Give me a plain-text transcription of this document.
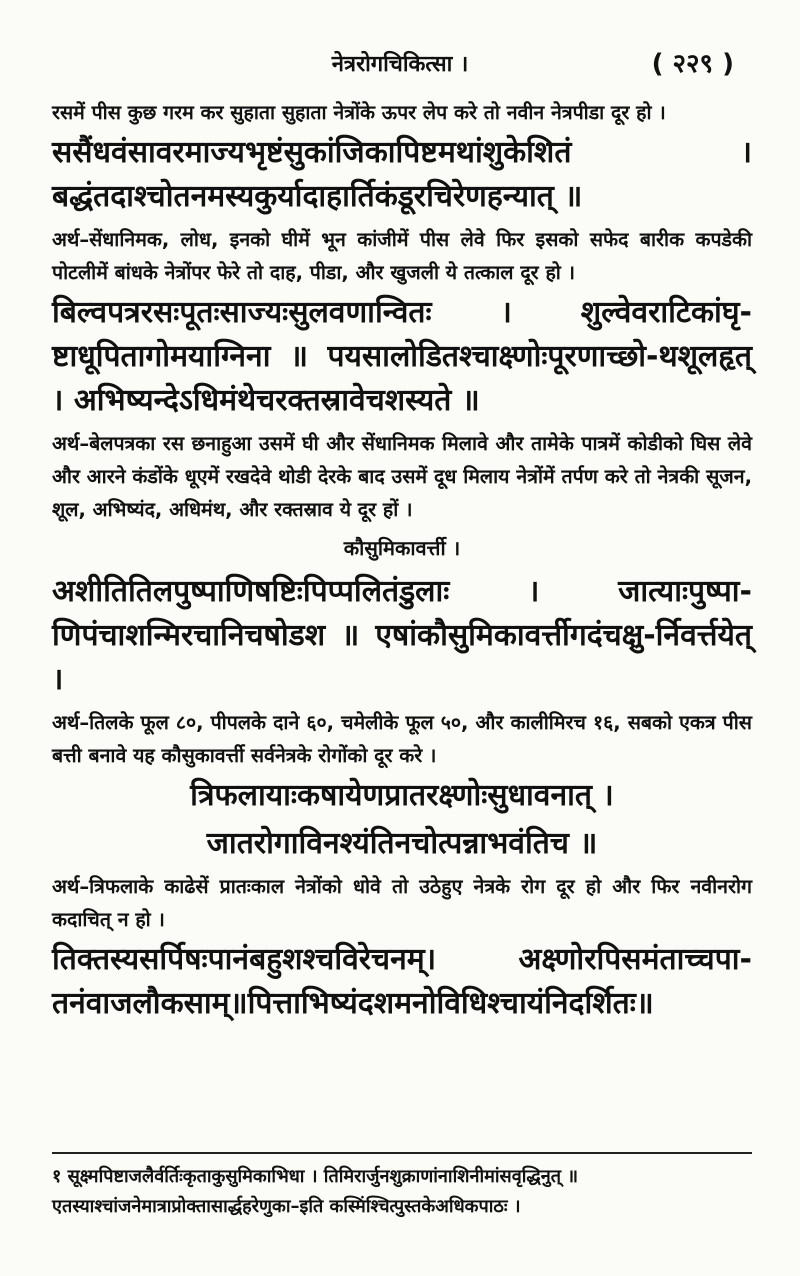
नेत्ररोगचिकित्सा ।	( २२९ )
रसमें पीस कुछ गरम कर सुहाता सुहाता नेत्रोंके ऊपर लेप करे तो नवीन नेत्रपीडा दूर हो ।
ससैंधवंसावरमाज्यभृष्टंसुकांजिकापिष्टमथांशुकेशितं । बद्धंतदाश्चोतनमस्यकुर्यादाहार्तिकंडूरचिरेणहन्यात् ॥
अर्थ–सेंधानिमक, लोध, इनको घीमें भून कांजीमें पीस लेवे फिर इसको सफेद बारीक कपडेकी पोटलीमें बांधके नेत्रोंपर फेरे तो दाह, पीडा, और खुजली ये तत्काल दूर हो ।
बिल्वपत्ररसःपूतःसाज्यःसुलवणान्वितः । शुल्वेवराटिकांघृ-ष्टाधूपितागोमयाग्निना ॥ पयसालोडितश्चाक्ष्णोःपूरणाच्छो-थशूलहृत् । अभिष्यन्देऽधिमंथेचरक्तस्रावेचशस्यते ॥
अर्थ–बेलपत्रका रस छनाहुआ उसमें घी और सेंधानिमक मिलावे और तामेके पात्रमें कोडीको घिस लेवे और आरने कंडोंके धूएमें रखदेवे थोडी देरके बाद उसमें दूध मिलाय नेत्रोंमें तर्पण करे तो नेत्रकी सूजन, शूल, अभिष्यंद, अधिमंथ, और रक्तस्राव ये दूर हों ।
कौसुमिकावर्त्ती ।
अशीतितिलपुष्पाणिषष्टिःपिप्पलितंडुलाः । जात्याःपुष्पा-णिपंचाशन्मिरचानिचषोडश ॥ एषांकौसुमिकावर्त्तीगदंचक्षु-र्निवर्त्तयेत् ।
अर्थ–तिलके फूल ८०, पीपलके दाने ६०, चमेलीके फूल ५०, और कालीमिरच १६, सबको एकत्र पीस बत्ती बनावे यह कौसुकावर्त्ती सर्वनेत्रके रोगोंको दूर करे ।
त्रिफलायाःकषायेणप्रातरक्ष्णोःसुधावनात् ।
जातरोगाविनश्यंतिनचोत्पन्नाभवंतिच ॥
अर्थ–त्रिफलाके काढेसें प्रातःकाल नेत्रोंको धोवे तो उठेहुए नेत्रके रोग दूर हो और फिर नवीनरोग कदाचित् न हो ।
तिक्तस्यसर्पिषःपानंबहुशश्चविरेचनम्। अक्ष्णोरपिसमंताच्चपा-तनंवाजलौकसाम्॥पित्ताभिष्यंदशमनोविधिश्चायंनिदर्शितः॥
१ सूक्ष्मपिष्टाजलैर्वर्तिःकृताकुसुमिकाभिधा । तिमिरार्जुनशुक्राणांनाशिनीमांसवृद्धिनुत् ॥
एतस्याश्चांजनेमात्राप्रोक्तासार्द्धहरेणुका–इति कस्मिंश्चित्पुस्तकेअधिकपाठः ।
